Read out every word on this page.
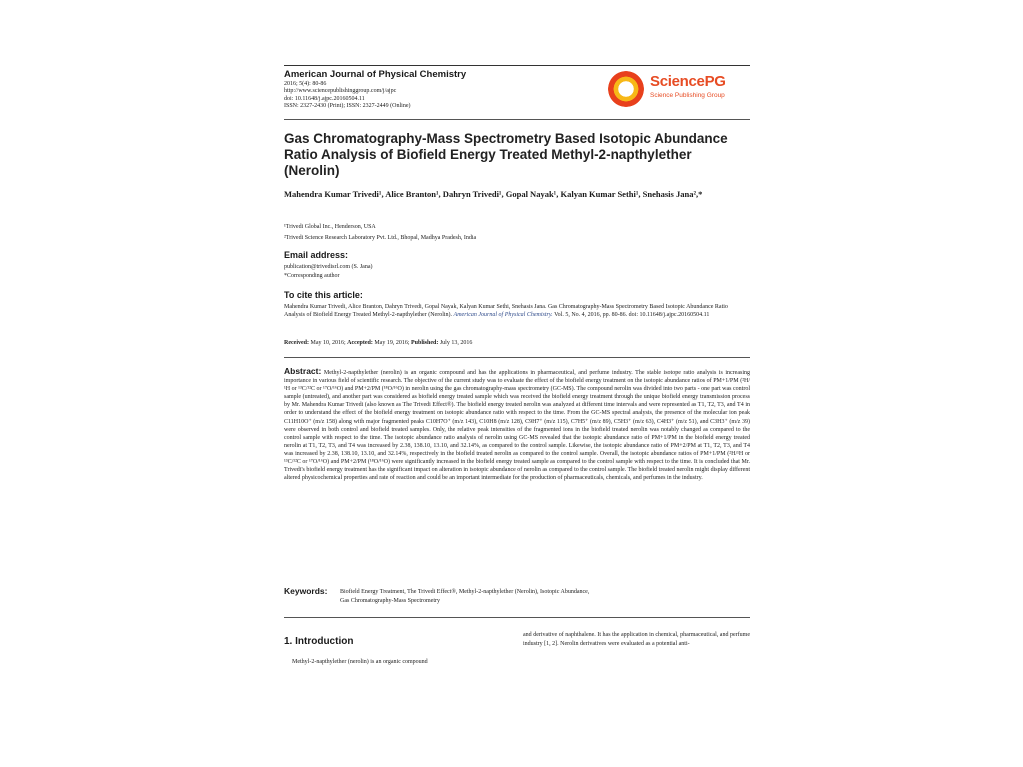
American Journal of Physical Chemistry
2016; 5(4): 80-86
http://www.sciencepublishinggroup.com/j/ajpc
doi: 10.11648/j.ajpc.20160504.11
ISSN: 2327-2430 (Print); ISSN: 2327-2449 (Online)
SciencePG
Science Publishing Group
Gas Chromatography-Mass Spectrometry Based Isotopic Abundance Ratio Analysis of Biofield Energy Treated Methyl-2-napthylether (Nerolin)
Mahendra Kumar Trivedi¹, Alice Branton¹, Dahryn Trivedi¹, Gopal Nayak¹, Kalyan Kumar Sethi¹, Snehasis Jana²,*
¹Trivedi Global Inc., Henderson, USA
²Trivedi Science Research Laboratory Pvt. Ltd., Bhopal, Madhya Pradesh, India
Email address:
publication@trivedisrl.com (S. Jana)
*Corresponding author
To cite this article:
Mahendra Kumar Trivedi, Alice Branton, Dahryn Trivedi, Gopal Nayak, Kalyan Kumar Sethi, Snehasis Jana. Gas Chromatography-Mass Spectrometry Based Isotopic Abundance Ratio Analysis of Biofield Energy Treated Methyl-2-napthylether (Nerolin). American Journal of Physical Chemistry. Vol. 5, No. 4, 2016, pp. 80-86. doi: 10.11648/j.ajpc.20160504.11
Received: May 10, 2016; Accepted: May 19, 2016; Published: July 13, 2016
Abstract: Methyl-2-napthylether (nerolin) is an organic compound and has the applications in pharmaceutical, and perfume industry. The stable isotope ratio analysis is increasing importance in various field of scientific research. The objective of the current study was to evaluate the effect of the biofield energy treatment on the isotopic abundance ratios of PM+1/PM (²H/¹H or ¹³C/¹²C or ¹⁷O/¹⁶O) and PM+2/PM (¹⁸O/¹⁶O) in nerolin using the gas chromatography-mass spectrometry (GC-MS). The compound nerolin was divided into two parts - one part was control sample (untreated), and another part was considered as biofield energy treated sample which was received the biofield energy treatment through the unique biofield energy transmission process by Mr. Mahendra Kumar Trivedi (also known as The Trivedi Effect®). The biofield energy treated nerolin was analyzed at different time intervals and were represented as T1, T2, T3, and T4 in order to understand the effect of the biofield energy treatment on isotopic abundance ratio with respect to the time. From the GC-MS spectral analysis, the presence of the molecular ion peak C11H10O⁺ (m/z 158) along with major fragmented peaks C10H7O⁺ (m/z 143), C10H8 (m/z 128), C9H7⁺ (m/z 115), C7H5⁺ (m/z 89), C5H3⁺ (m/z 63), C4H3⁺ (m/z 51), and C3H3⁺ (m/z 39) were observed in both control and biofield treated samples. Only, the relative peak intensities of the fragmented ions in the biofield treated nerolin was notably changed as compared to the control sample with respect to the time. The isotopic abundance ratio analysis of nerolin using GC-MS revealed that the isotopic abundance ratio of PM+1/PM in the biofield energy treated nerolin at T1, T2, T3, and T4 was increased by 2.38, 138.10, 13.10, and 32.14%, as compared to the control sample. Likewise, the isotopic abundance ratio of PM+2/PM at T1, T2, T3, and T4 was increased by 2.38, 138.10, 13.10, and 32.14%, respectively in the biofield treated nerolin as compared to the control sample. Overall, the isotopic abundance ratios of PM+1/PM (²H/¹H or ¹³C/¹²C or ¹⁷O/¹⁶O) and PM+2/PM (¹⁸O/¹⁶O) were significantly increased in the biofield energy treated sample as compared to the control sample with respect to the time. It is concluded that Mr. Trivedi's biofield energy treatment has the significant impact on alteration in isotopic abundance of nerolin as compared to the control sample. The biofield treated nerolin might display different altered physicochemical properties and rate of reaction and could be an important intermediate for the production of pharmaceuticals, chemicals, and perfumes in the industry.
Keywords: Biofield Energy Treatment, The Trivedi Effect®, Methyl-2-napthylether (Nerolin), Isotopic Abundance,
Gas Chromatography-Mass Spectrometry
1. Introduction
Methyl-2-napthylether (nerolin) is an organic compound
and derivative of naphthalene. It has the application in chemical, pharmaceutical, and perfume industry [1, 2]. Nerolin derivatives were evaluated as a potential anti-
